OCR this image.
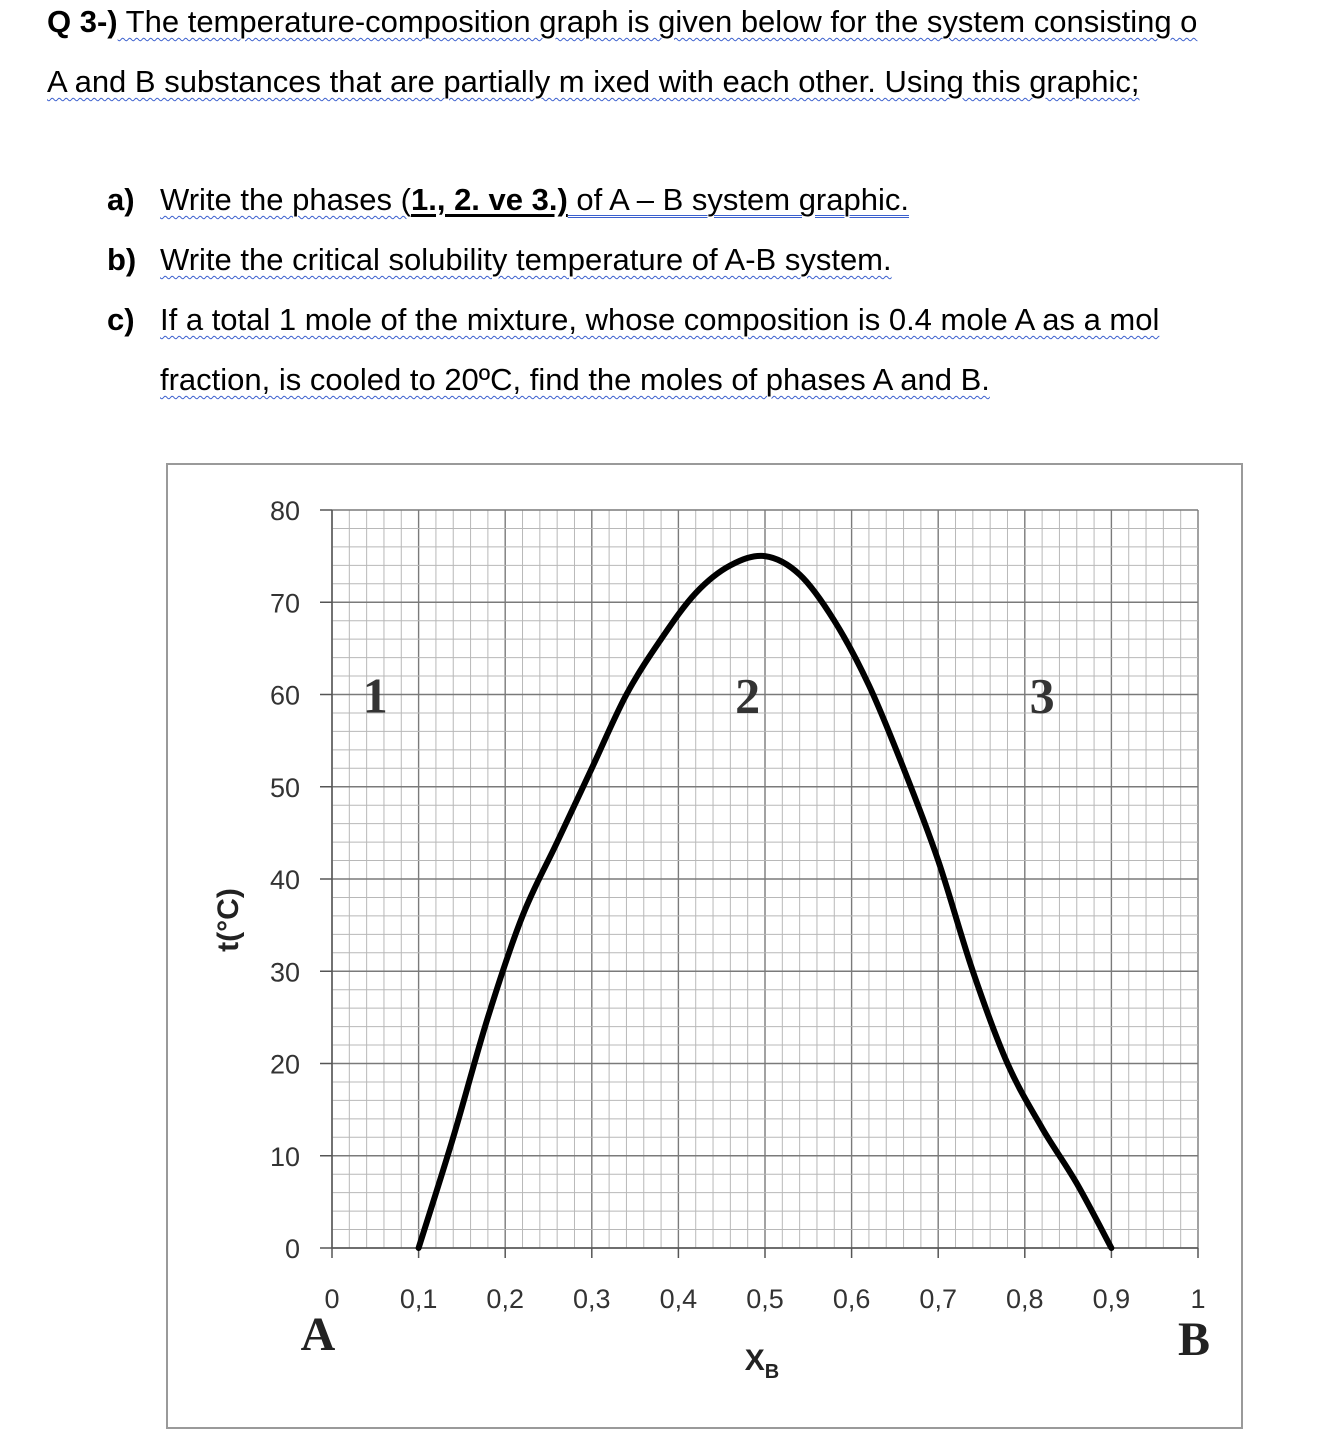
Q 3-) The temperature-composition graph is given below for the system consisting o
A and B substances that are partially m ixed with each other. Using this graphic;
a) Write the phases (1., 2. ve 3.) of A – B system graphic.
b) Write the critical solubility temperature of A-B system.
c) If a total 1 mole of the mixture, whose composition is 0.4 mole A as a mol
fraction, is cooled to 20ºC, find the moles of phases A and B.
t(°C)
$X_B$
0
10
20
30
40
50
60
70
80
0 0,1 0,2 0,3 0,4 0,5 0,6 0,7 0,8 0,9 1
A	B
1	2	3
